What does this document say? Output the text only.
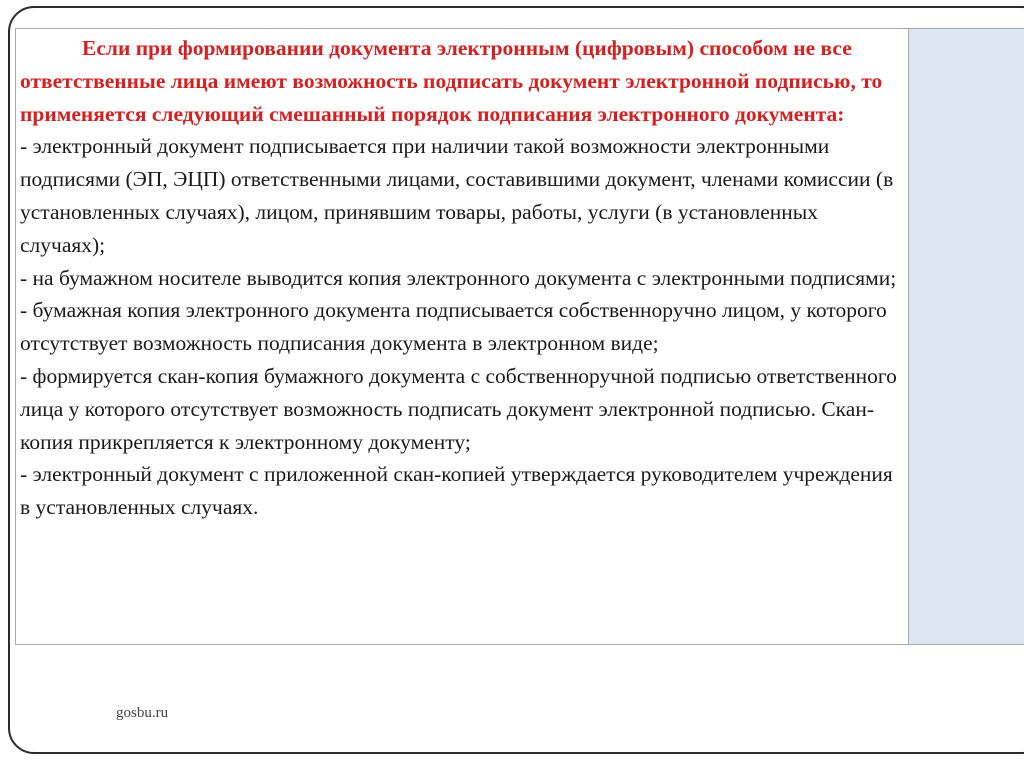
Если при формировании документа электронным (цифровым) способом не все ответственные лица имеют возможность подписать документ электронной подписью, то применяется следующий смешанный порядок подписания электронного документа:

- электронный документ подписывается при наличии такой возможности электронными подписями (ЭП, ЭЦП) ответственными лицами, составившими документ, членами комиссии (в установленных случаях), лицом, принявшим товары, работы, услуги (в установленных случаях);

- на бумажном носителе выводится копия электронного документа с электронными подписями;

- бумажная копия электронного документа подписывается собственноручно лицом, у которого отсутствует возможность подписания документа в электронном виде;

- формируется скан-копия бумажного документа с собственноручной подписью ответственного лица у которого отсутствует возможность подписать документ электронной подписью. Скан-копия прикрепляется к электронному документу;

- электронный документ с приложенной скан-копией утверждается руководителем учреждения в установленных случаях.

gosbu.ru
